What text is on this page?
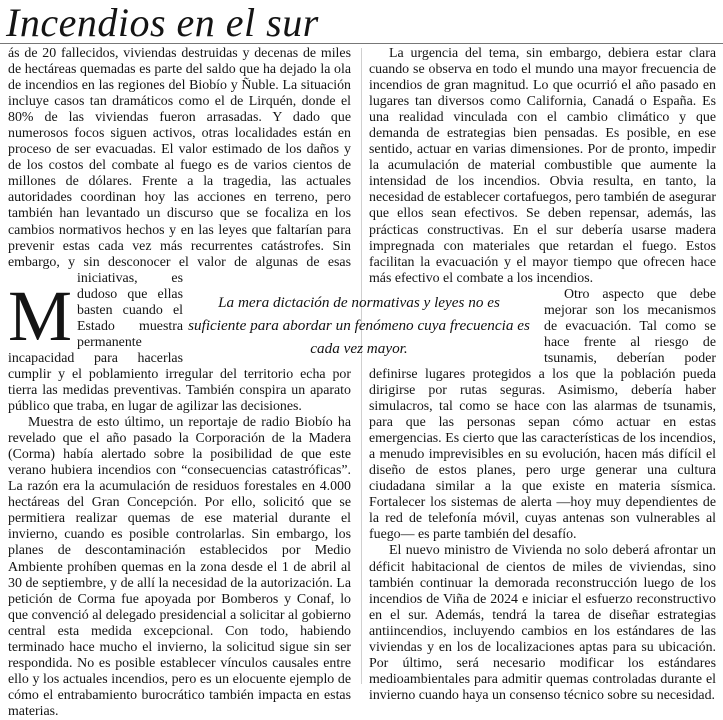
Incendios en el sur

M
ás de 20 fallecidos, viviendas destruidas y decenas de miles de hectáreas quemadas es parte del saldo que ha dejado la ola de incendios en las regiones del Biobío y Ñuble. La situación incluye casos tan dramáticos como el de Lirquén, donde el 80% de las viviendas fueron arrasadas. Y dado que numerosos focos siguen activos, otras localidades están en proceso de ser evacuadas. El valor estimado de los daños y de los costos del combate al fuego es de varios cientos de millones de dólares. Frente a la tragedia, las actuales autoridades coordinan hoy las acciones en terreno, pero también han levantado un discurso que se focaliza en los cambios normativos hechos y en las leyes que faltarían para prevenir estas cada vez más recurrentes catástrofes. Sin embargo, y sin desconocer el valor de algunas de esas iniciativas, es dudoso que ellas basten cuando el Estado muestra permanente incapacidad para hacerlas cumplir y el poblamiento irregular del territorio echa por tierra las medidas preventivas. También conspira un aparato público que traba, en lugar de agilizar las decisiones.

Muestra de esto último, un reportaje de radio Biobío ha revelado que el año pasado la Corporación de la Madera (Corma) había alertado sobre la posibilidad de que este verano hubiera incendios con “consecuencias catastróficas”. La razón era la acumulación de residuos forestales en 4.000 hectáreas del Gran Concepción. Por ello, solicitó que se permitiera realizar quemas de ese material durante el invierno, cuando es posible controlarlas. Sin embargo, los planes de descontaminación establecidos por Medio Ambiente prohíben quemas en la zona desde el 1 de abril al 30 de septiembre, y de allí la necesidad de la autorización. La petición de Corma fue apoyada por Bomberos y Conaf, lo que convenció al delegado presidencial a solicitar al gobierno central esta medida excepcional. Con todo, habiendo terminado hace mucho el invierno, la solicitud sigue sin ser respondida. No es posible establecer vínculos causales entre ello y los actuales incendios, pero es un elocuente ejemplo de cómo el entrabamiento burocrático también impacta en estas materias.

La urgencia del tema, sin embargo, debiera estar clara cuando se observa en todo el mundo una mayor frecuencia de incendios de gran magnitud. Lo que ocurrió el año pasado en lugares tan diversos como California, Canadá o España. Es una realidad vinculada con el cambio climático y que demanda de estrategias bien pensadas. Es posible, en ese sentido, actuar en varias dimensiones. Por de pronto, impedir la acumulación de material combustible que aumente la intensidad de los incendios. Obvia resulta, en tanto, la necesidad de establecer cortafuegos, pero también de asegurar que ellos sean efectivos. Se deben repensar, además, las prácticas constructivas. En el sur debería usarse madera impregnada con materiales que retardan el fuego. Estos facilitan la evacuación y el mayor tiempo que ofrecen hace más efectivo el combate a los incendios.

Otro aspecto que debe mejorar son los mecanismos de evacuación. Tal como se hace frente al riesgo de tsunamis, deberían poder definirse lugares protegidos a los que la población pueda dirigirse por rutas seguras. Asimismo, debería haber simulacros, tal como se hace con las alarmas de tsunamis, para que las personas sepan cómo actuar en estas emergencias. Es cierto que las características de los incendios, a menudo imprevisibles en su evolución, hacen más difícil el diseño de estos planes, pero urge generar una cultura ciudadana similar a la que existe en materia sísmica. Fortalecer los sistemas de alerta —hoy muy dependientes de la red de telefonía móvil, cuyas antenas son vulnerables al fuego— es parte también del desafío.

El nuevo ministro de Vivienda no solo deberá afrontar un déficit habitacional de cientos de miles de viviendas, sino también continuar la demorada reconstrucción luego de los incendios de Viña de 2024 e iniciar el esfuerzo reconstructivo en el sur. Además, tendrá la tarea de diseñar estrategias antiincendios, incluyendo cambios en los estándares de las viviendas y en los de localizaciones aptas para su ubicación. Por último, será necesario modificar los estándares medioambientales para admitir quemas controladas durante el invierno cuando haya un consenso técnico sobre su necesidad.

La mera dictación de normativas y leyes no es suficiente para abordar un fenómeno cuya frecuencia es cada vez mayor.
